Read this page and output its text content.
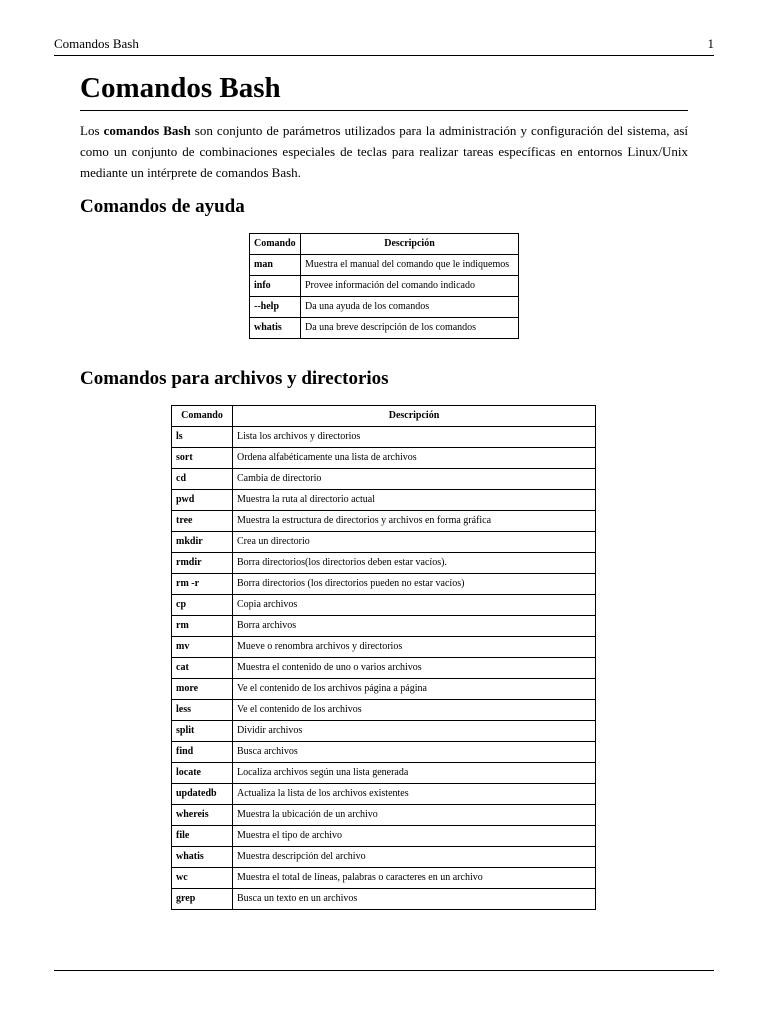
Comandos Bash	1
Comandos Bash

Los comandos Bash son conjunto de parámetros utilizados para la administración y configuración del sistema, así como un conjunto de combinaciones especiales de teclas para realizar tareas específicas en entornos Linux/Unix mediante un intérprete de comandos Bash.

Comandos de ayuda
Comando	Descripción
man	Muestra el manual del comando que le indiquemos
info	Provee información del comando indicado
--help	Da una ayuda de los comandos
whatis	Da una breve descripción de los comandos
Comandos para archivos y directorios
Comando	Descripción
ls	Lista los archivos y directorios
sort	Ordena alfabéticamente una lista de archivos
cd	Cambia de directorio
pwd	Muestra la ruta al directorio actual
tree	Muestra la estructura de directorios y archivos en forma gráfica
mkdir	Crea un directorio
rmdir	Borra directorios(los directorios deben estar vacíos).
rm -r	Borra directorios (los directorios pueden no estar vacíos)
cp	Copia archivos
rm	Borra archivos
mv	Mueve o renombra archivos y directorios
cat	Muestra el contenido de uno o varios archivos
more	Ve el contenido de los archivos página a página
less	Ve el contenido de los archivos
split	Dividir archivos
find	Busca archivos
locate	Localiza archivos según una lista generada
updatedb	Actualiza la lista de los archivos existentes
whereis	Muestra la ubicación de un archivo
file	Muestra el tipo de archivo
whatis	Muestra descripción del archivo
wc	Muestra el total de líneas, palabras o caracteres en un archivo
grep	Busca un texto en un archivos
